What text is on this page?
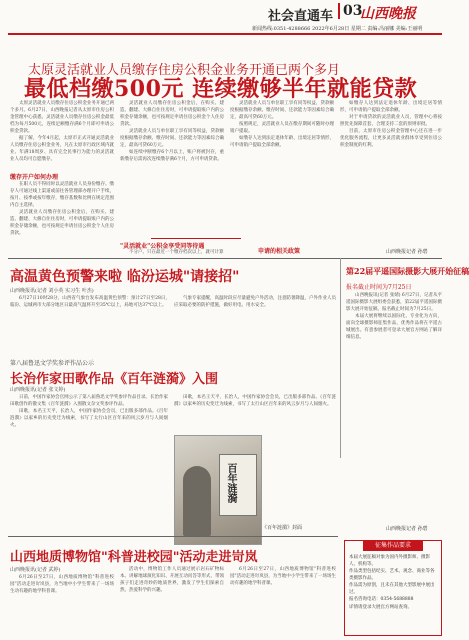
社会直通车 03
山西晚报
新闻热线:0351-4288666 2022年6月28日 星期二 责编:冯丽娜 美编:王丽明
太原灵活就业人员缴存住房公积金业务开通已两个多月
最低档缴500元 连续缴够半年就能贷款

太原灵活就业人员缴存住房公积金业务开通已两个多月。6月27日，山西晚报记者从太原市住房公积金管理中心获悉，灵活就业人员缴存住房公积金最低档为每月500元，连续足额缴存满6个月即可申请公积金贷款。

据了解，今年4月起，太原市正式开通灵活就业人员缴存住房公积金业务，凡在太原市行政区域内就业、年满18周岁、具有完全民事行为能力的灵活就业人员均可自愿缴存。

缴存开户如何办理

在职人员不得同时以灵活就业人员身份缴存。缴存人可通过线上渠道或前往各管理部办理开户手续，按月、按季或按年缴存，缴存基数和比例在规定范围内自主选择。

灵活就业人员缴存住房公积金后，在购买、建造、翻建、大修自住住房时，可申请提取账户内的公积金存储余额，也可按规定申请住房公积金个人住房贷款。

灵活就业人员缴存住房公积金后，在购买、建造、翻建、大修自住住房时，可申请提取账户内的公积金存储余额，也可按规定申请住房公积金个人住房贷款。

灵活就业人员与单位职工享有同等权益，贷款额度根据缴存余额、缴存时间、还款能力等因素综合确定，最高可贷60万元。

如连续中断缴存6个月以上，账户将被封存，重新缴存后需再次连续缴存满6个月，方可申请贷款。

"灵活就业"公积金享受同等待遇

不分户、只在最近一个缴存档次以上，就可计算

灵活就业人员与单位职工享有同等权益，贷款额度根据缴存余额、缴存时间、还款能力等因素综合确定，最高可贷60万元。

按照规定，灵活就业人员在缴存期间可随时办理销户提取。

如缴存人达到法定退休年龄、出境定居等情形，可申请销户提取全部余额。

申请的相关政策

如缴存人达到法定退休年龄、出境定居等情形，可申请销户提取全部余额。

对于申请贷款的灵活就业人员，管理中心将按照优先保障首套、合理支持二套的原则审批。

目前，太原市住房公积金管理中心还在进一步优化服务流程，让更多灵活就业群体享受到住房公积金制度的红利。

山西晚报记者 孙碧
高温黄色预警来啦 临汾运城"请接招"
山西晚报讯(记者 刘小英 实习生 叶杰)

6月27日10时28分，山西省气象台发布高温黄色预警：预计27日至28日，临汾、运城两市大部分地区日最高气温将升至35℃以上，局地可达37℃以上。

气象专家提醒，高温时段应尽量避免户外活动，注意防暑降温，户外作业人员应采取必要的防护措施，做好用电、用水安全。

第22届平遥国际摄影大展开始征稿
报名截止时间为7月25日

山西晚报讯(记者 张婧) 6月27日，记者从平遥国际摄影大展组委会获悉，第22届平遥国际摄影大展开始征稿，报名截止时间为7月25日。

本届大展将继续以国际化、专业化为方向，面向全球摄影师征集作品，优秀作品将在平遥古城展出。有意参展者可登录大展官方网站了解详细信息。

山西晚报记者 孙碧
第八届鲁迅文学奖参评作品公示
长治作家田歌作品《百年涟漪》入围
山西晚报讯(记者 张文婷)

日前，中国作家协会官网公示了第八届鲁迅文学奖参评作品目录。长治作家田歌创作的散文集《百年涟漪》入围散文杂文奖参评作品。

田歌，本名王天平，长治人，中国作家协会会员，已出版多部作品。《百年涟漪》以家乡的历史变迁为线索，书写了太行山区百年来的风云岁月与人间烟火。

田歌，本名王天平，长治人，中国作家协会会员，已出版多部作品。《百年涟漪》以家乡的历史变迁为线索，书写了太行山区百年来的风云岁月与人间烟火。

百年涟漪
《百年涟漪》封面
山西地质博物馆"科普进校园"活动走进岢岚
山西晚报讯(记者 武婷)

6月26日至27日，山西地质博物馆"科普进校园"活动走进岢岚县，为当地中小学生带来了一场场生动有趣的地学科普课。

活动中，博物馆工作人员通过展示岩石矿物标本、讲解地球演化知识、开展互动问答等形式，带领孩子们走进奇妙的地质世界，激发了学生们探索自然、热爱科学的兴趣。

6月26日至27日，山西地质博物馆"科普进校园"活动走进岢岚县，为当地中小学生带来了一场场生动有趣的地学科普课。

征集作品要求

本届大展征稿对象为国内外摄影师、摄影人、机构等。

作品类型包括纪实、艺术、观念、商业等各类摄影作品。

作品需为原创，且未在其他大型影展中展出过。

报名咨询电话：0354-5688888

详情请登录大展官方网站查询。
